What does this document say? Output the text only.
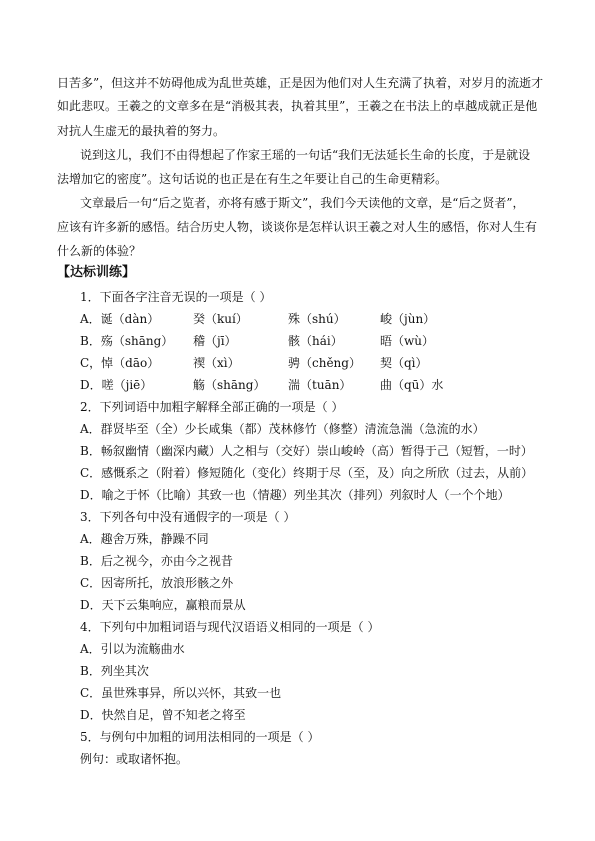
日苦多”，但这并不妨碍他成为乱世英雄，正是因为他们对人生充满了执着，对岁月的流逝才
如此悲叹。王羲之的文章多在是“消极其表，执着其里”，王羲之在书法上的卓越成就正是他
对抗人生虚无的最执着的努力。
说到这儿，我们不由得想起了作家王瑶的一句话“我们无法延长生命的长度，于是就设
法增加它的密度”。这句话说的也正是在有生之年要让自己的生命更精彩。
文章最后一句“后之览者，亦将有感于斯文”，我们今天读他的文章，是“后之贤者”，
应该有许多新的感悟。结合历史人物，谈谈你是怎样认识王羲之对人生的感悟，你对人生有
什么新的体验？
【达标训练】
1．下面各字注音无误的一项是（ ）
A．诞（dàn）	癸（kuí）	殊（shú）	峻（jùn）
B．殇（shāng） 稽（jī）	骸（hái）	晤（wù）
C，悼（dāo）	禊（xì）	骋（chěng） 契（qì）
D．嗟（jiē）	觞（shāng） 湍（tuān） 曲（qū）水
2．下列词语中加粗字解释全部正确的一项是（ ）
A．群贤毕至（全）少长咸集（都）茂林修竹（修整）清流急湍（急流的水）
B．畅叙幽情（幽深内藏）人之相与（交好）崇山峻岭（高）暂得于己（短暂，一时）
C．感慨系之（附着）修短随化（变化）终期于尽（至，及）向之所欣（过去，从前）
D．喻之于怀（比喻）其致一也（情趣）列坐其次（排列）列叙时人（一个个地）
3．下列各句中没有通假字的一项是（ ）
A．趣舍万殊，静躁不同
B．后之视今，亦由今之视昔
C．因寄所托，放浪形骸之外
D．天下云集响应，赢粮而景从
4．下列句中加粗词语与现代汉语语义相同的一项是（ ）
A．引以为流觞曲水
B．列坐其次
C．虽世殊事异，所以兴怀，其致一也
D．快然自足，曾不知老之将至
5．与例句中加粗的词用法相同的一项是（ ）
例句：或取诸怀抱。
